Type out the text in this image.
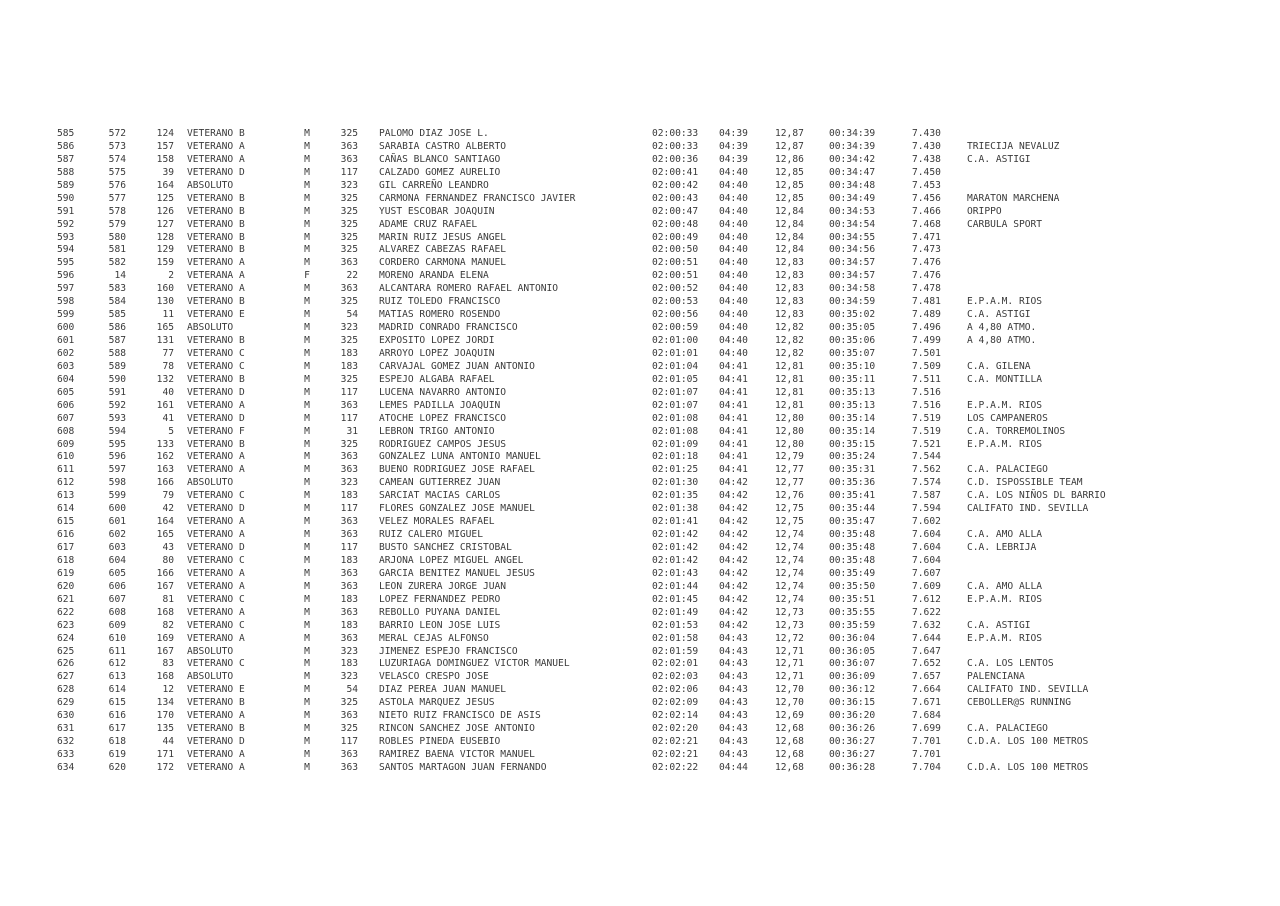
585	572	124 VETERANO B	M	325 PALOMO DIAZ JOSE L.	02:00:33	04:39	12,87	00:34:39	7.430
586	573	157 VETERANO A	M	363 SARABIA CASTRO ALBERTO	02:00:33	04:39	12,87	00:34:39	7.430	TRIECIJA NEVALUZ
587	574	158 VETERANO A	M	363 CAÑAS BLANCO SANTIAGO	02:00:36	04:39	12,86	00:34:42	7.438	C.A. ASTIGI
588	575	39 VETERANO D	M	117 CALZADO GOMEZ AURELIO	02:00:41	04:40	12,85	00:34:47	7.450
589	576	164 ABSOLUTO	M	323 GIL CARREÑO LEANDRO	02:00:42	04:40	12,85	00:34:48	7.453
590	577	125 VETERANO B	M	325 CARMONA FERNANDEZ FRANCISCO JAVIER	02:00:43	04:40	12,85	00:34:49	7.456	MARATON MARCHENA
591	578	126 VETERANO B	M	325 YUST ESCOBAR JOAQUIN	02:00:47	04:40	12,84	00:34:53	7.466	ORIPPO
592	579	127 VETERANO B	M	325 ADAME CRUZ RAFAEL	02:00:48	04:40	12,84	00:34:54	7.468	CARBULA SPORT
593	580	128 VETERANO B	M	325 MARIN RUIZ JESUS ANGEL	02:00:49	04:40	12,84	00:34:55	7.471
594	581	129 VETERANO B	M	325 ALVAREZ CABEZAS RAFAEL	02:00:50	04:40	12,84	00:34:56	7.473
595	582	159 VETERANO A	M	363 CORDERO CARMONA MANUEL	02:00:51	04:40	12,83	00:34:57	7.476
596	14	2 VETERANA A	F	22 MORENO ARANDA ELENA	02:00:51	04:40	12,83	00:34:57	7.476
597	583	160 VETERANO A	M	363 ALCANTARA ROMERO RAFAEL ANTONIO	02:00:52	04:40	12,83	00:34:58	7.478
598	584	130 VETERANO B	M	325 RUIZ TOLEDO FRANCISCO	02:00:53	04:40	12,83	00:34:59	7.481	E.P.A.M. RIOS
599	585	11 VETERANO E	M	54 MATIAS ROMERO ROSENDO	02:00:56	04:40	12,83	00:35:02	7.489	C.A. ASTIGI
600	586	165 ABSOLUTO	M	323 MADRID CONRADO FRANCISCO	02:00:59	04:40	12,82	00:35:05	7.496	A 4,80 ATMO.
601	587	131 VETERANO B	M	325 EXPOSITO LOPEZ JORDI	02:01:00	04:40	12,82	00:35:06	7.499	A 4,80 ATMO.
602	588	77 VETERANO C	M	183 ARROYO LOPEZ JOAQUIN	02:01:01	04:40	12,82	00:35:07	7.501
603	589	78 VETERANO C	M	183 CARVAJAL GOMEZ JUAN ANTONIO	02:01:04	04:41	12,81	00:35:10	7.509	C.A. GILENA
604	590	132 VETERANO B	M	325 ESPEJO ALGABA RAFAEL	02:01:05	04:41	12,81	00:35:11	7.511	C.A. MONTILLA
605	591	40 VETERANO D	M	117 LUCENA NAVARRO ANTONIO	02:01:07	04:41	12,81	00:35:13	7.516
606	592	161 VETERANO A	M	363 LEMES PADILLA JOAQUIN	02:01:07	04:41	12,81	00:35:13	7.516	E.P.A.M. RIOS
607	593	41 VETERANO D	M	117 ATOCHE LOPEZ FRANCISCO	02:01:08	04:41	12,80	00:35:14	7.519	LOS CAMPANEROS
608	594	5 VETERANO F	M	31 LEBRON TRIGO ANTONIO	02:01:08	04:41	12,80	00:35:14	7.519	C.A. TORREMOLINOS
609	595	133 VETERANO B	M	325 RODRIGUEZ CAMPOS JESUS	02:01:09	04:41	12,80	00:35:15	7.521	E.P.A.M. RIOS
610	596	162 VETERANO A	M	363 GONZALEZ LUNA ANTONIO MANUEL	02:01:18	04:41	12,79	00:35:24	7.544
611	597	163 VETERANO A	M	363 BUENO RODRIGUEZ JOSE RAFAEL	02:01:25	04:41	12,77	00:35:31	7.562	C.A. PALACIEGO
612	598	166 ABSOLUTO	M	323 CAMEAN GUTIERREZ JUAN	02:01:30	04:42	12,77	00:35:36	7.574	C.D. ISPOSSIBLE TEAM
613	599	79 VETERANO C	M	183 SARCIAT MACIAS CARLOS	02:01:35	04:42	12,76	00:35:41	7.587	C.A. LOS NIÑOS DL BARRIO
614	600	42 VETERANO D	M	117 FLORES GONZALEZ JOSE MANUEL	02:01:38	04:42	12,75	00:35:44	7.594	CALIFATO IND. SEVILLA
615	601	164 VETERANO A	M	363 VELEZ MORALES RAFAEL	02:01:41	04:42	12,75	00:35:47	7.602
616	602	165 VETERANO A	M	363 RUIZ CALERO MIGUEL	02:01:42	04:42	12,74	00:35:48	7.604	C.A. AMO ALLA
617	603	43 VETERANO D	M	117 BUSTO SANCHEZ CRISTOBAL	02:01:42	04:42	12,74	00:35:48	7.604	C.A. LEBRIJA
618	604	80 VETERANO C	M	183 ARJONA LOPEZ MIGUEL ANGEL	02:01:42	04:42	12,74	00:35:48	7.604
619	605	166 VETERANO A	M	363 GARCIA BENITEZ MANUEL JESUS	02:01:43	04:42	12,74	00:35:49	7.607
620	606	167 VETERANO A	M	363 LEON ZURERA JORGE JUAN	02:01:44	04:42	12,74	00:35:50	7.609	C.A. AMO ALLA
621	607	81 VETERANO C	M	183 LOPEZ FERNANDEZ PEDRO	02:01:45	04:42	12,74	00:35:51	7.612	E.P.A.M. RIOS
622	608	168 VETERANO A	M	363 REBOLLO PUYANA DANIEL	02:01:49	04:42	12,73	00:35:55	7.622
623	609	82 VETERANO C	M	183 BARRIO LEON JOSE LUIS	02:01:53	04:42	12,73	00:35:59	7.632	C.A. ASTIGI
624	610	169 VETERANO A	M	363 MERAL CEJAS ALFONSO	02:01:58	04:43	12,72	00:36:04	7.644	E.P.A.M. RIOS
625	611	167 ABSOLUTO	M	323 JIMENEZ ESPEJO FRANCISCO	02:01:59	04:43	12,71	00:36:05	7.647
626	612	83 VETERANO C	M	183 LUZURIAGA DOMINGUEZ VICTOR MANUEL	02:02:01	04:43	12,71	00:36:07	7.652	C.A. LOS LENTOS
627	613	168 ABSOLUTO	M	323 VELASCO CRESPO JOSE	02:02:03	04:43	12,71	00:36:09	7.657	PALENCIANA
628	614	12 VETERANO E	M	54 DIAZ PEREA JUAN MANUEL	02:02:06	04:43	12,70	00:36:12	7.664	CALIFATO IND. SEVILLA
629	615	134 VETERANO B	M	325 ASTOLA MARQUEZ JESUS	02:02:09	04:43	12,70	00:36:15	7.671	CEBOLLER@S RUNNING
630	616	170 VETERANO A	M	363 NIETO RUIZ FRANCISCO DE ASIS	02:02:14	04:43	12,69	00:36:20	7.684
631	617	135 VETERANO B	M	325 RINCON SANCHEZ JOSE ANTONIO	02:02:20	04:43	12,68	00:36:26	7.699	C.A. PALACIEGO
632	618	44 VETERANO D	M	117 ROBLES PINEDA EUSEBIO	02:02:21	04:43	12,68	00:36:27	7.701	C.D.A. LOS 100 METROS
633	619	171 VETERANO A	M	363 RAMIREZ BAENA VICTOR MANUEL	02:02:21	04:43	12,68	00:36:27	7.701
634	620	172 VETERANO A	M	363 SANTOS MARTAGON JUAN FERNANDO	02:02:22	04:44	12,68	00:36:28	7.704	C.D.A. LOS 100 METROS
